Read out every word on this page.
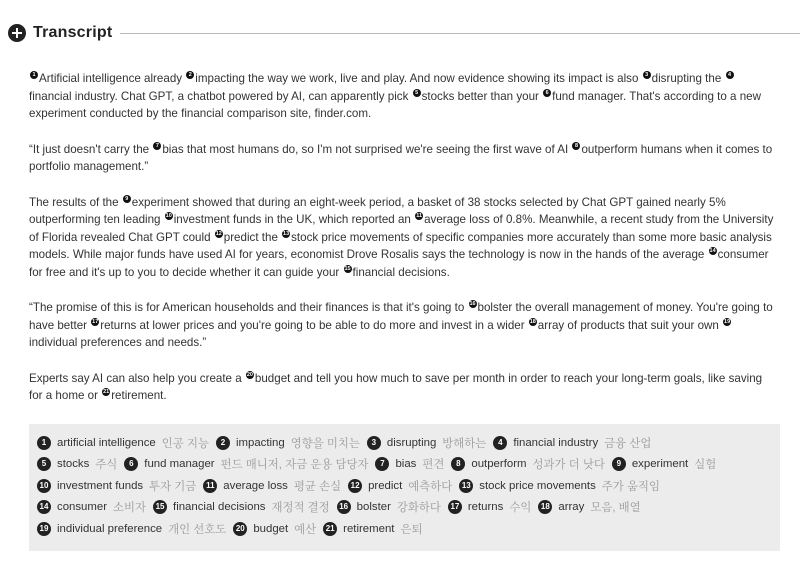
Transcript

1 Artificial intelligence already 2 impacting the way we work, live and play. And now evidence showing its impact is also 3 disrupting the 4financial industry. Chat GPT, a chatbot powered by AI, can apparently pick 5 stocks better than your 6 fund manager. That's according to a new experiment conducted by the financial comparison site, finder.com.

“It just doesn't carry the 7 bias that most humans do, so I'm not surprised we're seeing the first wave of AI 8 outperform humans when it comes to portfolio management.”

The results of the 9 experiment showed that during an eight-week period, a basket of 38 stocks selected by Chat GPT gained nearly 5% outperforming ten leading 10 investment funds in the UK, which reported an 11 average loss of 0.8%. Meanwhile, a recent study from the University of Florida revealed Chat GPT could 12 predict the 13 stock price movements of specific companies more accurately than some more basic analysis models. While major funds have used AI for years, economist Drove Rosalis says the technology is now in the hands of the average 14 consumer for free and it's up to you to decide whether it can guide your 15 financial decisions.

“The promise of this is for American households and their finances is that it's going to 16 bolster the overall management of money. You're going to have better 17 returns at lower prices and you're going to be able to do more and invest in a wider 18 array of products that suit your own 19individual preferences and needs.”

Experts say AI can also help you create a 20 budget and tell you how much to save per month in order to reach your long-term goals, like saving for a home or 21 retirement.

1 artificial intelligence 인공 지능	2 impacting 영향을 미치는	3 disrupting 방해하는	4 financial industry 금융 산업
5 stocks 주식	6 fund manager 펀드 매니저, 자금 운용 담당자	7 bias 편견	8 outperform 성과가 더 낫다	9 experiment 실험
10 investment funds 투자 기금	11 average loss 평균 손실	12 predict 예측하다	13 stock price movements 주가 움직임
14 consumer 소비자	15 financial decisions 재정적 결정	16 bolster 강화하다	17 returns 수익	18 array 모음, 배열
19 individual preference 개인 선호도	20 budget 예산	21 retirement 은퇴
